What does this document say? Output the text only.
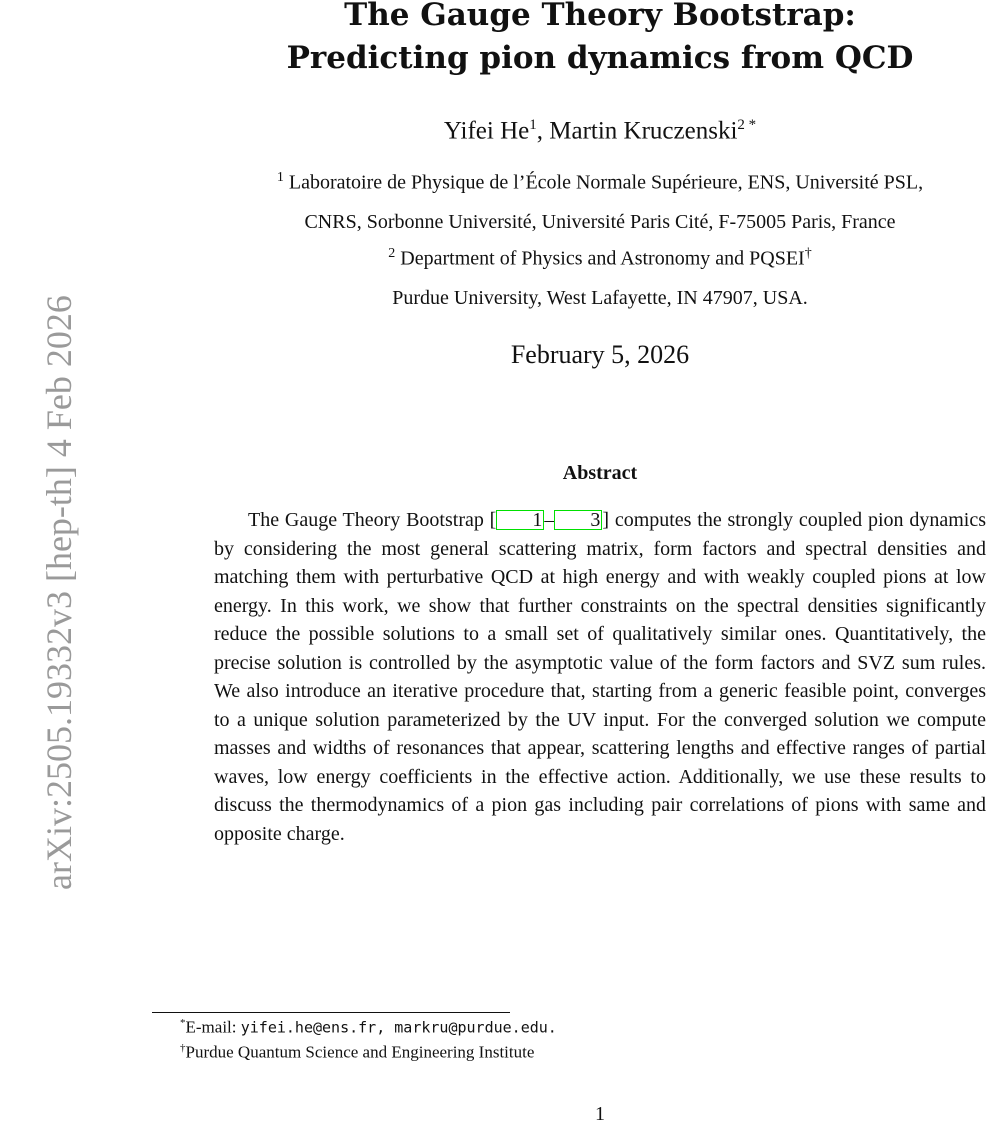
arXiv:2505.19332v3 [hep-th] 4 Feb 2026
The Gauge Theory Bootstrap:
Predicting pion dynamics from QCD
Yifei He$^1$, Martin Kruczenski$^2$ *
$^1$ Laboratoire de Physique de l’École Normale Supérieure, ENS, Université PSL,
CNRS, Sorbonne Université, Université Paris Cité, F-75005 Paris, France
$^2$ Department of Physics and Astronomy and PQSEI†
Purdue University, West Lafayette, IN 47907, USA.
February 5, 2026
Abstract

The Gauge Theory Bootstrap [ 1 – 3 ] computes the strongly coupled pion dynamics by considering the most general scattering matrix, form factors and spectral densities and matching them with perturbative QCD at high energy and with weakly coupled pions at low energy. In this work, we show that further constraints on the spectral densities significantly reduce the possible solutions to a small set of qualitatively similar ones. Quantitatively, the precise solution is controlled by the asymptotic value of the form factors and SVZ sum rules. We also introduce an iterative procedure that, starting from a generic feasible point, converges to a unique solution parameterized by the UV input. For the converged solution we compute masses and widths of resonances that appear, scattering lengths and effective ranges of partial waves, low energy coefficients in the effective action. Additionally, we use these results to discuss the thermodynamics of a pion gas including pair correlations of pions with same and opposite charge.

*E-mail: yifei.he@ens.fr, markru@purdue.edu.
†Purdue Quantum Science and Engineering Institute
1
